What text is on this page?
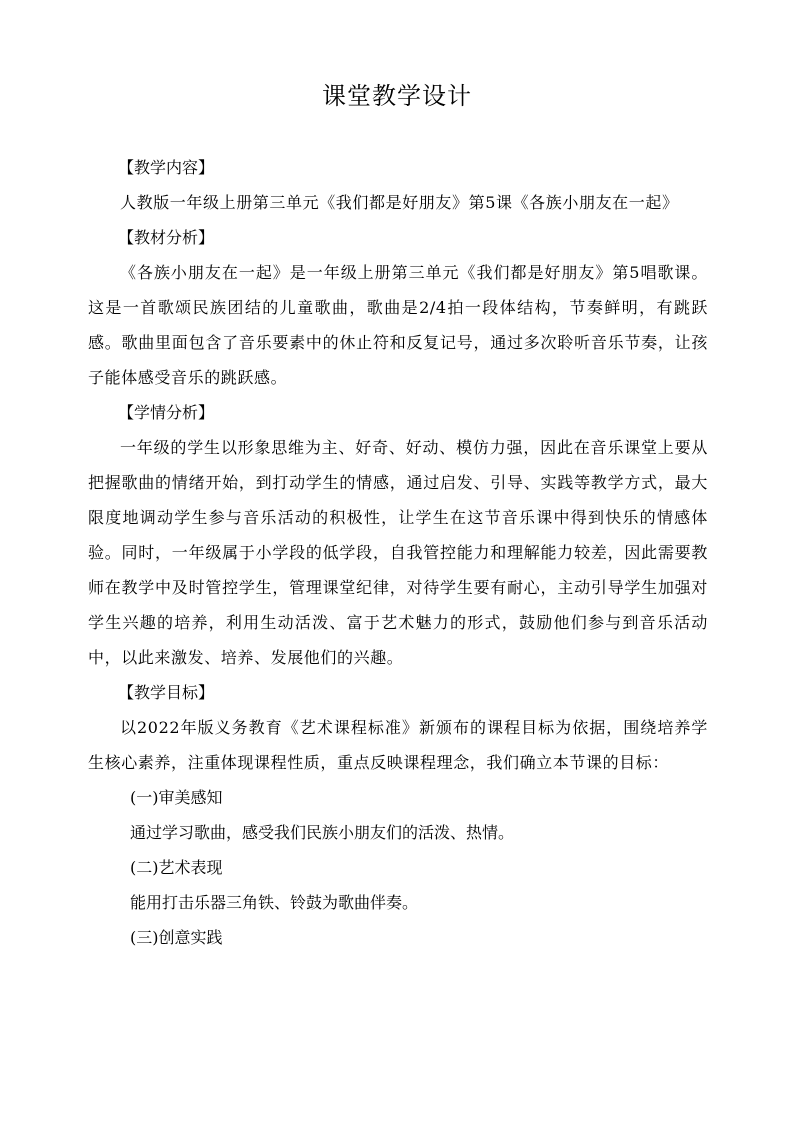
课堂教学设计
【教学内容】

人教版一年级上册第三单元《我们都是好朋友》第5课《各族小朋友在一起》

【教材分析】

《各族小朋友在一起》是一年级上册第三单元《我们都是好朋友》第5唱歌课。这是一首歌颂民族团结的儿童歌曲，歌曲是2/4拍一段体结构，节奏鲜明，有跳跃感。歌曲里面包含了音乐要素中的休止符和反复记号，通过多次聆听音乐节奏，让孩子能体感受音乐的跳跃感。

【学情分析】

一年级的学生以形象思维为主、好奇、好动、模仿力强，因此在音乐课堂上要从把握歌曲的情绪开始，到打动学生的情感，通过启发、引导、实践等教学方式，最大限度地调动学生参与音乐活动的积极性，让学生在这节音乐课中得到快乐的情感体验。同时，一年级属于小学段的低学段，自我管控能力和理解能力较差，因此需要教师在教学中及时管控学生，管理课堂纪律，对待学生要有耐心，主动引导学生加强对学生兴趣的培养，利用生动活泼、富于艺术魅力的形式，鼓励他们参与到音乐活动中，以此来激发、培养、发展他们的兴趣。

【教学目标】

以2022年版义务教育《艺术课程标准》新颁布的课程目标为依据，围绕培养学生核心素养，注重体现课程性质，重点反映课程理念，我们确立本节课的目标：

(一)审美感知
通过学习歌曲，感受我们民族小朋友们的活泼、热情。
(二)艺术表现
能用打击乐器三角铁、铃鼓为歌曲伴奏。
(三)创意实践
